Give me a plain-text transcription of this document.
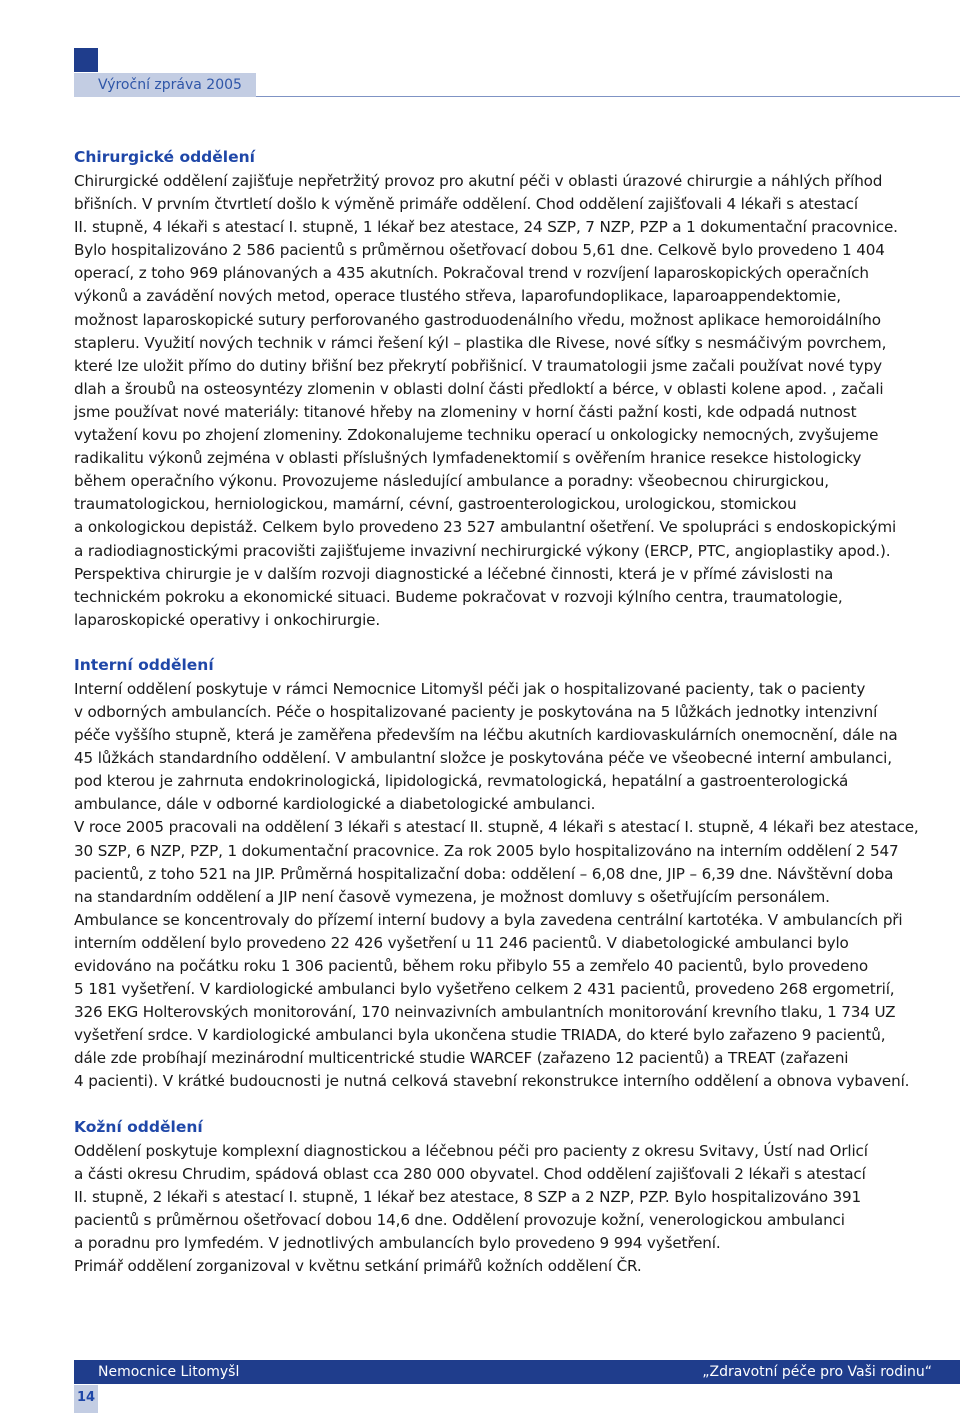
Výroční zpráva 2005
Chirurgické oddělení

Chirurgické oddělení zajišťuje nepřetržitý provoz pro akutní péči v oblasti úrazové chirurgie a náhlých příhod
břišních. V prvním čtvrtletí došlo k výměně primáře oddělení. Chod oddělení zajišťovali 4 lékaři s atestací
II. stupně, 4 lékaři s atestací I. stupně, 1 lékař bez atestace, 24 SZP, 7 NZP, PZP a 1 dokumentační pracovnice.
Bylo hospitalizováno 2 586 pacientů s průměrnou ošetřovací dobou 5,61 dne. Celkově bylo provedeno 1 404
operací, z toho 969 plánovaných a 435 akutních. Pokračoval trend v rozvíjení laparoskopických operačních
výkonů a zavádění nových metod, operace tlustého střeva, laparofundoplikace, laparoappendektomie,
možnost laparoskopické sutury perforovaného gastroduodenálního vředu, možnost aplikace hemoroidálního
stapleru. Využití nových technik v rámci řešení kýl – plastika dle Rivese, nové síťky s nesmáčivým povrchem,
které lze uložit přímo do dutiny břišní bez překrytí pobřišnicí. V traumatologii jsme začali používat nové typy
dlah a šroubů na osteosyntézy zlomenin v oblasti dolní části předloktí a bérce, v oblasti kolene apod. , začali
jsme používat nové materiály: titanové hřeby na zlomeniny v horní části pažní kosti, kde odpadá nutnost
vytažení kovu po zhojení zlomeniny. Zdokonalujeme techniku operací u onkologicky nemocných, zvyšujeme
radikalitu výkonů zejména v oblasti příslušných lymfadenektomií s ověřením hranice resekce histologicky
během operačního výkonu. Provozujeme následující ambulance a poradny: všeobecnou chirurgickou,
traumatologickou, herniologickou, mamární, cévní, gastroenterologickou, urologickou, stomickou
a onkologickou depistáž. Celkem bylo provedeno 23 527 ambulantní ošetření. Ve spolupráci s endoskopickými
a radiodiagnostickými pracovišti zajišťujeme invazivní nechirurgické výkony (ERCP, PTC, angioplastiky apod.).
Perspektiva chirurgie je v dalším rozvoji diagnostické a léčebné činnosti, která je v přímé závislosti na
technickém pokroku a ekonomické situaci. Budeme pokračovat v rozvoji kýlního centra, traumatologie,
laparoskopické operativy i onkochirurgie.

Interní oddělení

Interní oddělení poskytuje v rámci Nemocnice Litomyšl péči jak o hospitalizované pacienty, tak o pacienty
v odborných ambulancích. Péče o hospitalizované pacienty je poskytována na 5 lůžkách jednotky intenzivní
péče vyššího stupně, která je zaměřena především na léčbu akutních kardiovaskulárních onemocnění, dále na
45 lůžkách standardního oddělení. V ambulantní složce je poskytována péče ve všeobecné interní ambulanci,
pod kterou je zahrnuta endokrinologická, lipidologická, revmatologická, hepatální a gastroenterologická
ambulance, dále v odborné kardiologické a diabetologické ambulanci.
V roce 2005 pracovali na oddělení 3 lékaři s atestací II. stupně, 4 lékaři s atestací I. stupně, 4 lékaři bez atestace,
30 SZP, 6 NZP, PZP, 1 dokumentační pracovnice. Za rok 2005 bylo hospitalizováno na interním oddělení 2 547
pacientů, z toho 521 na JIP. Průměrná hospitalizační doba: oddělení – 6,08 dne, JIP – 6,39 dne. Návštěvní doba
na standardním oddělení a JIP není časově vymezena, je možnost domluvy s ošetřujícím personálem.
Ambulance se koncentrovaly do přízemí interní budovy a byla zavedena centrální kartotéka. V ambulancích při
interním oddělení bylo provedeno 22 426 vyšetření u 11 246 pacientů. V diabetologické ambulanci bylo
evidováno na počátku roku 1 306 pacientů, během roku přibylo 55 a zemřelo 40 pacientů, bylo provedeno
5 181 vyšetření. V kardiologické ambulanci bylo vyšetřeno celkem 2 431 pacientů, provedeno 268 ergometrií,
326 EKG Holterovských monitorování, 170 neinvazivních ambulantních monitorování krevního tlaku, 1 734 UZ
vyšetření srdce. V kardiologické ambulanci byla ukončena studie TRIADA, do které bylo zařazeno 9 pacientů,
dále zde probíhají mezinárodní multicentrické studie WARCEF (zařazeno 12 pacientů) a TREAT (zařazeni
4 pacienti). V krátké budoucnosti je nutná celková stavební rekonstrukce interního oddělení a obnova vybavení.

Kožní oddělení

Oddělení poskytuje komplexní diagnostickou a léčebnou péči pro pacienty z okresu Svitavy, Ústí nad Orlicí
a části okresu Chrudim, spádová oblast cca 280 000 obyvatel. Chod oddělení zajišťovali 2 lékaři s atestací
II. stupně, 2 lékaři s atestací I. stupně, 1 lékař bez atestace, 8 SZP a 2 NZP, PZP. Bylo hospitalizováno 391
pacientů s průměrnou ošetřovací dobou 14,6 dne. Oddělení provozuje kožní, venerologickou ambulanci
a poradnu pro lymfedém. V jednotlivých ambulancích bylo provedeno 9 994 vyšetření.
Primář oddělení zorganizoval v květnu setkání primářů kožních oddělení ČR.

Nemocnice Litomyšl	„Zdravotní péče pro Vaši rodinu“
14
